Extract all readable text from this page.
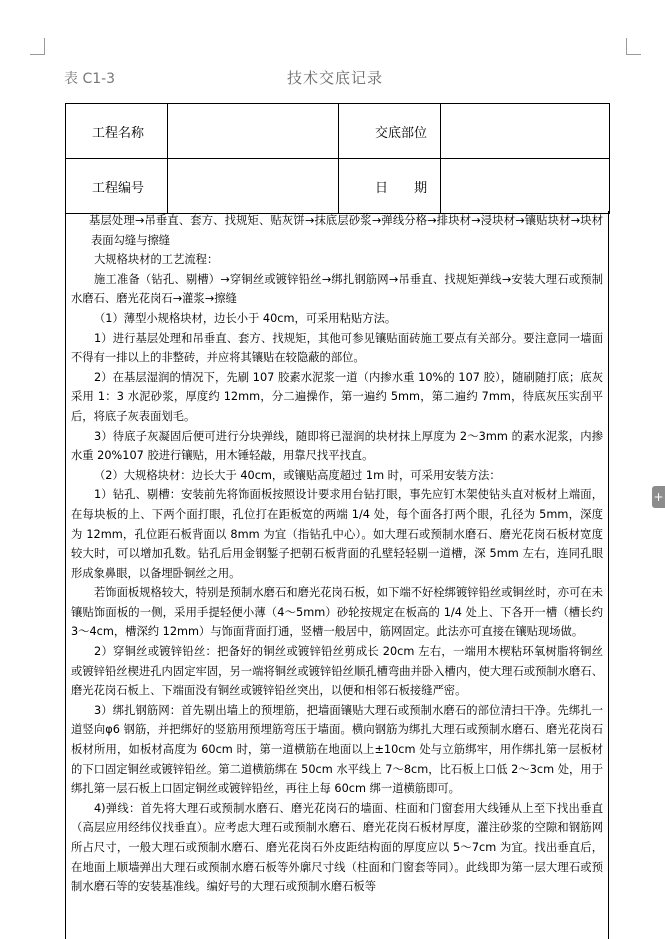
+
表 C1-3	技术交底记录
工程名称		交底部位	
工程编号		日 期	

基层处理→吊垂直、套方、找规矩、贴灰饼→抹底层砂浆→弹线分格→排块材→浸块材→镶贴块材→块材表面勾缝与擦缝

大规格块材的工艺流程：

施工准备（钻孔、剔槽）→穿铜丝或镀锌铅丝→绑扎钢筋网→吊垂直、找规矩弹线→安装大理石或预制水磨石、磨光花岗石→灌浆→擦缝

（1）薄型小规格块材，边长小于 40cm，可采用粘贴方法。

1）进行基层处理和吊垂直、套方、找规矩，其他可参见镶贴面砖施工要点有关部分。要注意同一墙面不得有一排以上的非整砖，并应将其镶贴在较隐蔽的部位。

2）在基层湿润的情况下，先刷 107 胶素水泥浆一道（内掺水重 10%的 107 胶），随刷随打底；底灰采用 1：3 水泥砂浆，厚度约 12mm，分二遍操作，第一遍约 5mm，第二遍约 7mm，待底灰压实刮平后，将底子灰表面划毛。

3）待底子灰凝固后便可进行分块弹线，随即将已湿润的块材抹上厚度为 2～3mm 的素水泥浆，内掺水重 20%107 胶进行镶贴，用木锤轻敲，用靠尺找平找直。

（2）大规格块材：边长大于 40cm，或镶贴高度超过 1m 时，可采用安装方法：

1）钻孔、剔槽：安装前先将饰面板按照设计要求用台钻打眼，事先应钉木架使钻头直对板材上端面，在每块板的上、下两个面打眼，孔位打在距板宽的两端 1/4 处，每个面各打两个眼，孔径为 5mm，深度为 12mm，孔位距石板背面以 8mm 为宜（指钻孔中心）。如大理石或预制水磨石、磨光花岗石板材宽度较大时，可以增加孔数。钻孔后用金钢錾子把朝石板背面的孔壁轻轻剔一道槽，深 5mm 左右，连同孔眼形成象鼻眼，以备埋卧铜丝之用。

若饰面板规格较大，特别是预制水磨石和磨光花岗石板，如下端不好栓绑镀锌铅丝或铜丝时，亦可在未镶贴饰面板的一侧，采用手提轻便小薄（4～5mm）砂轮按规定在板高的 1/4 处上、下各开一槽（槽长约 3～4cm，槽深约 12mm）与饰面背面打通，竖槽一般居中，筋网固定。此法亦可直接在镶贴现场做。

2）穿铜丝或镀锌铅丝：把备好的铜丝或镀锌铅丝剪成长 20cm 左右，一端用木楔粘环氧树脂将铜丝或镀锌铅丝楔进孔内固定牢固，另一端将铜丝或镀锌铅丝顺孔槽弯曲并卧入槽内，使大理石或预制水磨石、磨光花岗石板上、下端面没有铜丝或镀锌铅丝突出，以便和相邻石板接缝严密。

3）绑扎钢筋网：首先剔出墙上的预埋筋，把墙面镶贴大理石或预制水磨石的部位清扫干净。先绑扎一道竖向φ6 钢筋，并把绑好的竖筋用预埋筋弯压于墙面。横向钢筋为绑扎大理石或预制水磨石、磨光花岗石板材所用，如板材高度为 60cm 时，第一道横筋在地面以上±10cm 处与立筋绑牢，用作绑扎第一层板材的下口固定铜丝或镀锌铅丝。第二道横筋绑在 50cm 水平线上 7～8cm，比石板上口低 2～3cm 处，用于绑扎第一层石板上口固定铜丝或镀锌铅丝，再往上每 60cm 绑一道横筋即可。

4)弹线：首先将大理石或预制水磨石、磨光花岗石的墙面、柱面和门窗套用大线锤从上至下找出垂直（高层应用经纬仪找垂直）。应考虑大理石或预制水磨石、磨光花岗石板材厚度，灌注砂浆的空隙和钢筋网所占尺寸，一般大理石或预制水磨石、磨光花岗石外皮距结构面的厚度应以 5～7cm 为宜。找出垂直后，在地面上顺墙弹出大理石或预制水磨石板等外廓尺寸线（柱面和门窗套等同）。此线即为第一层大理石或预制水磨石等的安装基准线。编好号的大理石或预制水磨石板等
